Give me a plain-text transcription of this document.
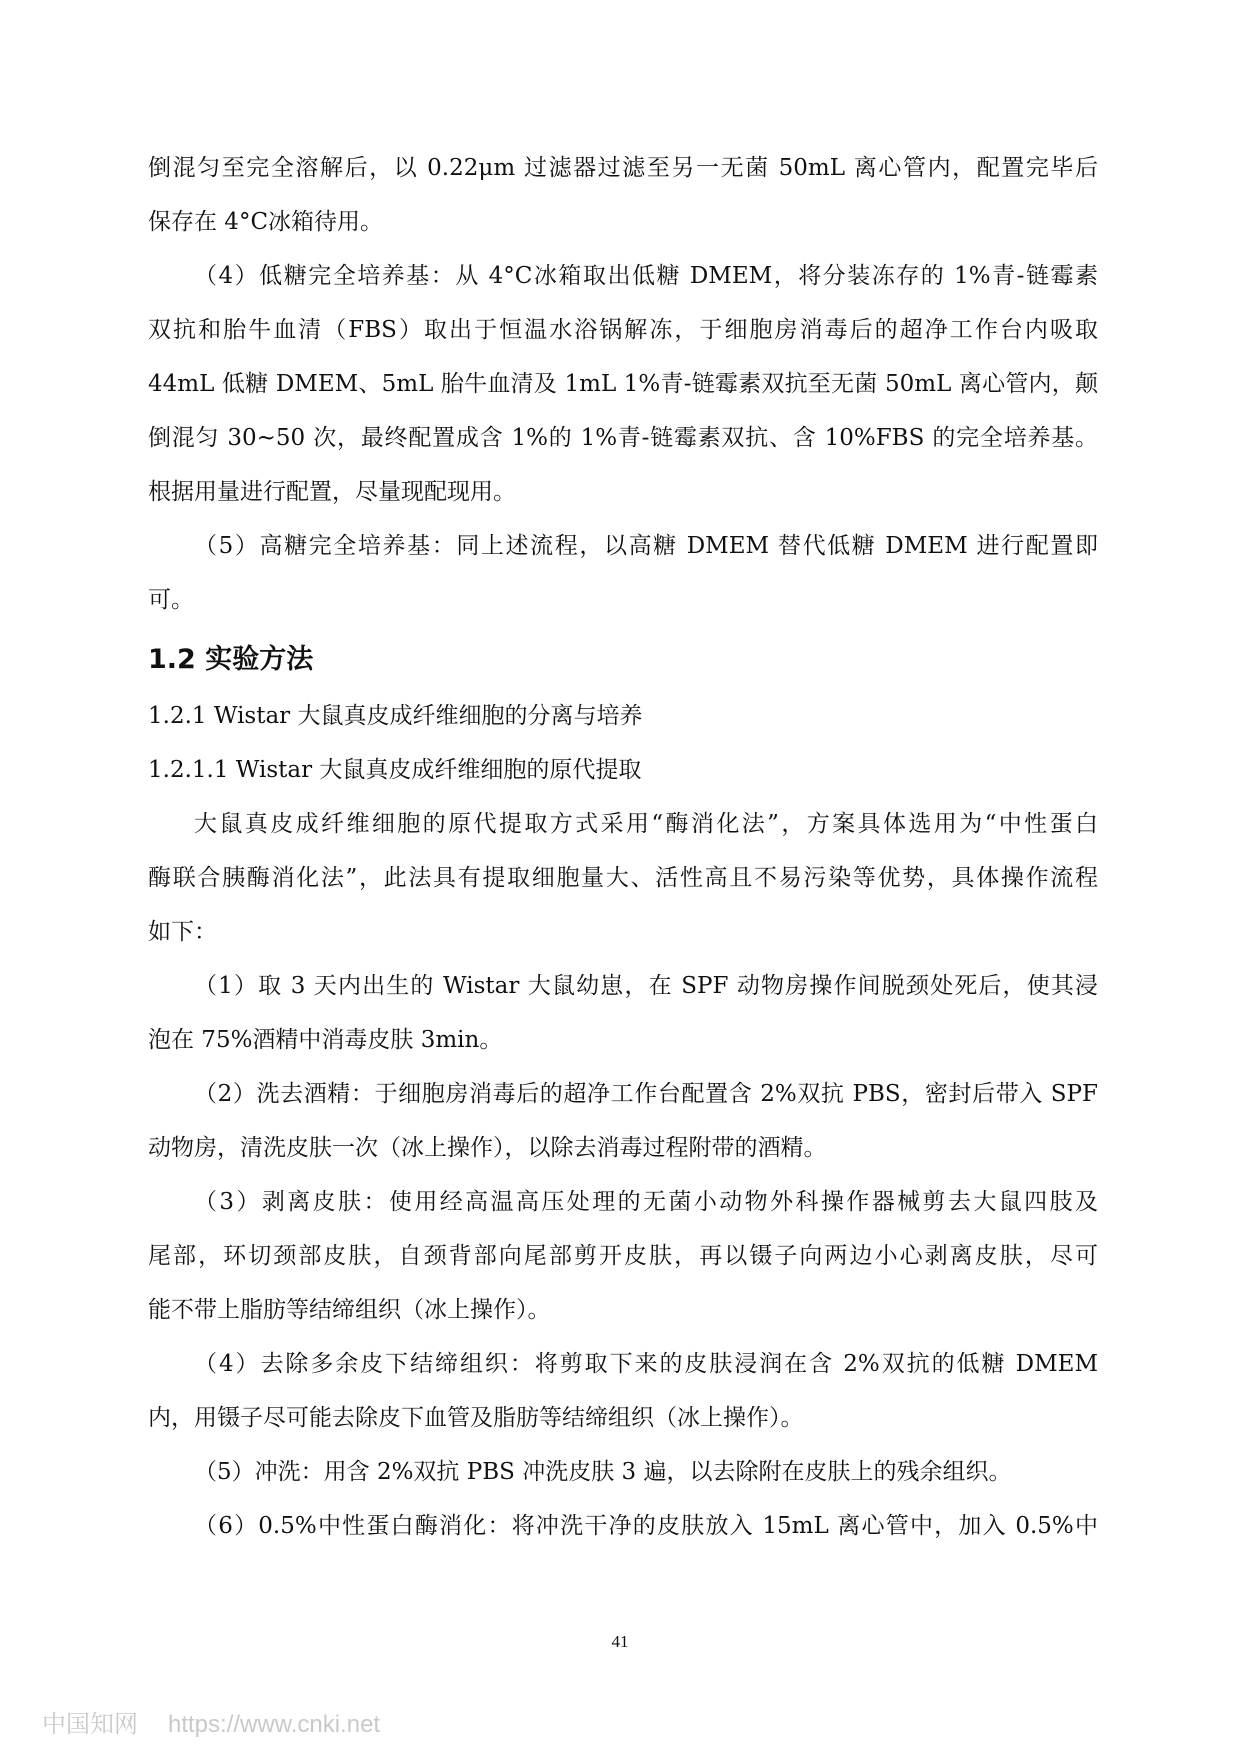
倒混匀至完全溶解后，以 0.22μm 过滤器过滤至另一无菌 50mL 离心管内，配置完毕后
保存在 4°C冰箱待用。
（4）低糖完全培养基：从 4°C冰箱取出低糖 DMEM，将分装冻存的 1%青-链霉素
双抗和胎牛血清（FBS）取出于恒温水浴锅解冻，于细胞房消毒后的超净工作台内吸取
44mL 低糖 DMEM、5mL 胎牛血清及 1mL 1%青-链霉素双抗至无菌 50mL 离心管内，颠
倒混匀 30~50 次，最终配置成含 1%的 1%青-链霉素双抗、含 10%FBS 的完全培养基。
根据用量进行配置，尽量现配现用。
（5）高糖完全培养基：同上述流程，以高糖 DMEM 替代低糖 DMEM 进行配置即
可。
1.2 实验方法
1.2.1 Wistar 大鼠真皮成纤维细胞的分离与培养
1.2.1.1 Wistar 大鼠真皮成纤维细胞的原代提取
大鼠真皮成纤维细胞的原代提取方式采用“酶消化法”，方案具体选用为“中性蛋白
酶联合胰酶消化法”，此法具有提取细胞量大、活性高且不易污染等优势，具体操作流程
如下：
（1）取 3 天内出生的 Wistar 大鼠幼崽，在 SPF 动物房操作间脱颈处死后，使其浸
泡在 75%酒精中消毒皮肤 3min。
（2）洗去酒精：于细胞房消毒后的超净工作台配置含 2%双抗 PBS，密封后带入 SPF
动物房，清洗皮肤一次（冰上操作），以除去消毒过程附带的酒精。
（3）剥离皮肤：使用经高温高压处理的无菌小动物外科操作器械剪去大鼠四肢及
尾部，环切颈部皮肤，自颈背部向尾部剪开皮肤，再以镊子向两边小心剥离皮肤，尽可
能不带上脂肪等结缔组织（冰上操作）。
（4）去除多余皮下结缔组织：将剪取下来的皮肤浸润在含 2%双抗的低糖 DMEM
内，用镊子尽可能去除皮下血管及脂肪等结缔组织（冰上操作）。
（5）冲洗：用含 2%双抗 PBS 冲洗皮肤 3 遍，以去除附在皮肤上的残余组织。
（6）0.5%中性蛋白酶消化：将冲洗干净的皮肤放入 15mL 离心管中，加入 0.5%中
41
中国知网 https://www.cnki.net
